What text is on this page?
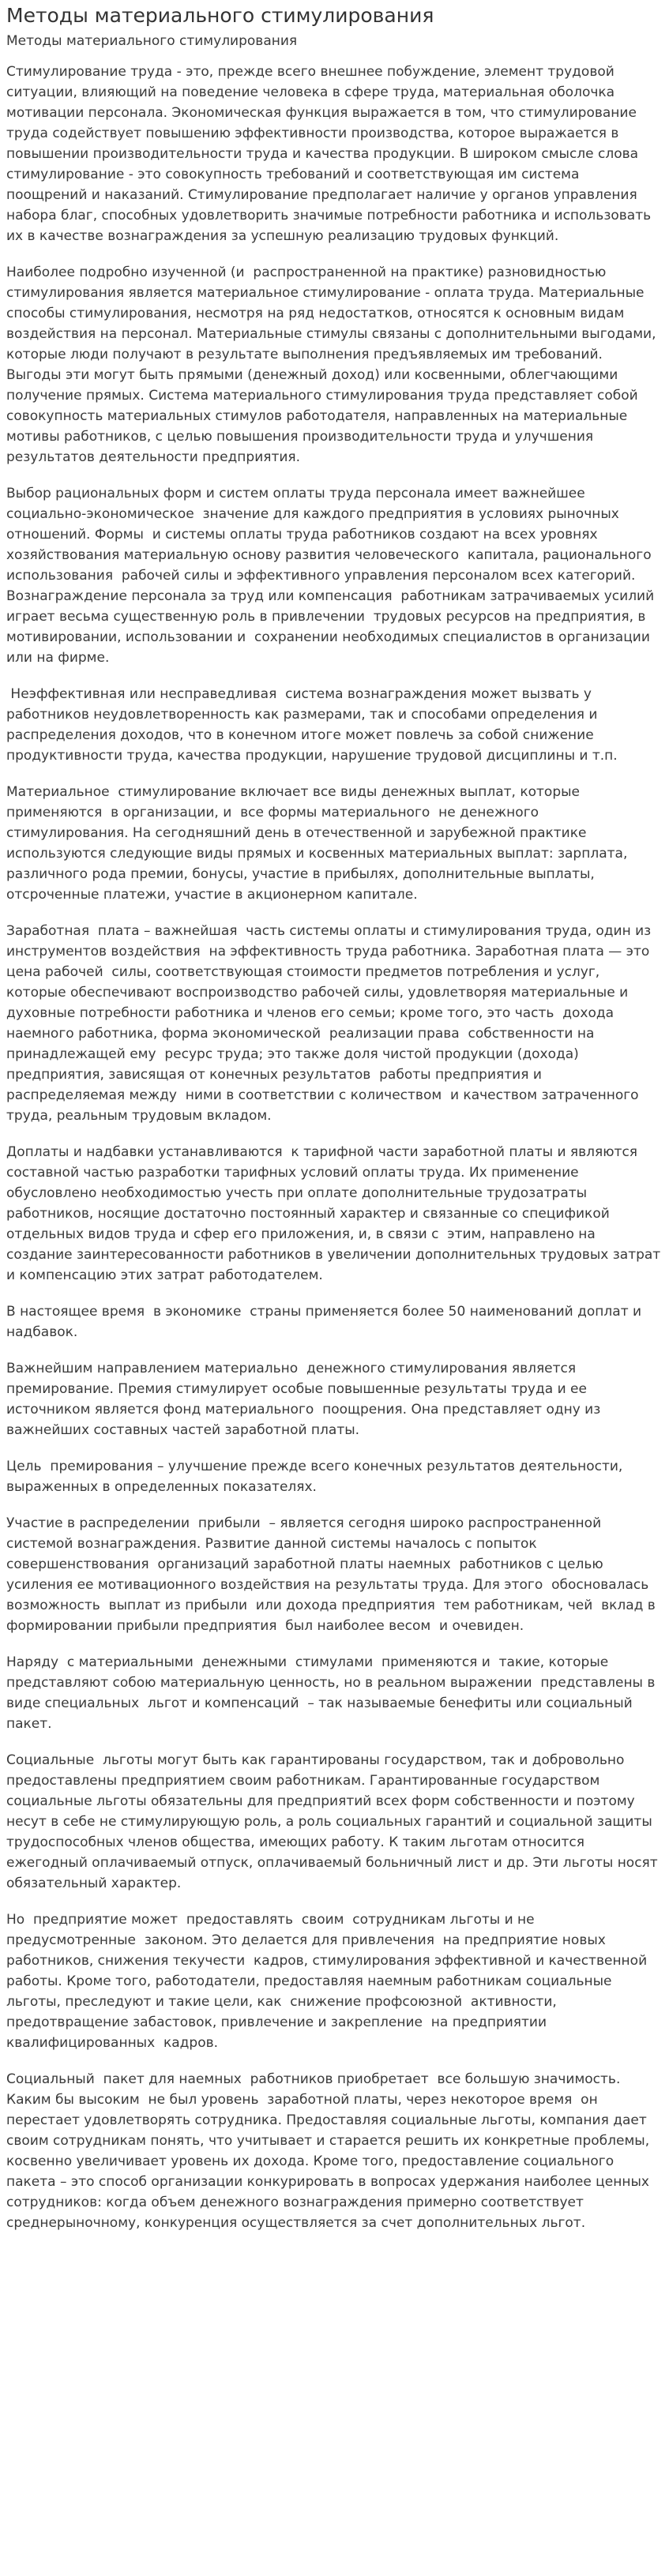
Методы материального стимулирования
Методы материального стимулирования

Стимулирование труда - это, прежде всего внешнее побуждение, элемент трудовой ситуации, влияющий на поведение человека в сфере труда, материальная оболочка мотивации персонала. Экономическая функция выражается в том, что стимулирование труда содействует повышению эффективности производства, которое выражается в повышении производительности труда и качества продукции. В широком смысле слова стимулирование - это совокупность требований и соответствующая им система поощрений и наказаний. Стимулирование предполагает наличие у органов управления набора благ, способных удовлетворить значимые потребности работника и использовать их в качестве вознаграждения за успешную реализацию трудовых функций.

Наиболее подробно изученной (и  распространенной на практике) разновидностью стимулирования является материальное стимулирование - оплата труда. Материальные способы стимулирования, несмотря на ряд недостатков, относятся к основным видам воздействия на персонал. Материальные стимулы связаны с дополнительными выгодами, которые люди получают в результате выполнения предъявляемых им требований. Выгоды эти могут быть прямыми (денежный доход) или косвенными, облегчающими получение прямых. Система материального стимулирования труда представляет собой совокупность материальных стимулов работодателя, направленных на материальные мотивы работников, с целью повышения производительности труда и улучшения результатов деятельности предприятия.

Выбор рациональных форм и систем оплаты труда персонала имеет важнейшее социально-экономическое  значение для каждого предприятия в условиях рыночных отношений. Формы  и системы оплаты труда работников создают на всех уровнях хозяйствования материальную основу развития человеческого  капитала, рационального использования  рабочей силы и эффективного управления персоналом всех категорий. Вознаграждение персонала за труд или компенсация  работникам затрачиваемых усилий играет весьма существенную роль в привлечении  трудовых ресурсов на предприятия, в  мотивировании, использовании и  сохранении необходимых специалистов в организации или на фирме.

Неэффективная или несправедливая  система вознаграждения может вызвать у работников неудовлетворенность как размерами, так и способами определения и распределения доходов, что в конечном итоге может повлечь за собой снижение продуктивности труда, качества продукции, нарушение трудовой дисциплины и т.п.

Материальное  стимулирование включает все виды денежных выплат, которые применяются  в организации, и  все формы материального  не денежного стимулирования. На сегодняшний день в отечественной и зарубежной практике используются следующие виды прямых и косвенных материальных выплат: зарплата, различного рода премии, бонусы, участие в прибылях, дополнительные выплаты, отсроченные платежи, участие в акционерном капитале.

Заработная  плата – важнейшая  часть системы оплаты и стимулирования труда, один из инструментов воздействия  на эффективность труда работника. Заработная плата — это цена рабочей  силы, соответствующая стоимости предметов потребления и услуг, которые обеспечивают воспроизводство рабочей силы, удовлетворяя материальные и духовные потребности работника и членов его семьи; кроме того, это часть  дохода наемного работника, форма экономической  реализации права  собственности на принадлежащей ему  ресурс труда; это также доля чистой продукции (дохода) предприятия, зависящая от конечных результатов  работы предприятия и  распределяемая между  ними в соответствии с количеством  и качеством затраченного труда, реальным трудовым вкладом.

Доплаты и надбавки устанавливаются  к тарифной части заработной платы и являются составной частью разработки тарифных условий оплаты труда. Их применение обусловлено необходимостью учесть при оплате дополнительные трудозатраты работников, носящие достаточно постоянный характер и связанные со спецификой отдельных видов труда и сфер его приложения, и, в связи с  этим, направлено на создание заинтересованности работников в увеличении дополнительных трудовых затрат и компенсацию этих затрат работодателем.

В настоящее время  в экономике  страны применяется более 50 наименований доплат и надбавок.

Важнейшим направлением материально  денежного стимулирования является премирование. Премия стимулирует особые повышенные результаты труда и ее источником является фонд материального  поощрения. Она представляет одну из важнейших составных частей заработной платы.

Цель  премирования – улучшение прежде всего конечных результатов деятельности, выраженных в определенных показателях.

Участие в распределении  прибыли  – является сегодня широко распространенной системой вознаграждения. Развитие данной системы началось с попыток  совершенствования  организаций заработной платы наемных  работников с целью  усиления ее мотивационного воздействия на результаты труда. Для этого  обосновалась возможность  выплат из прибыли  или дохода предприятия  тем работникам, чей  вклад в формировании прибыли предприятия  был наиболее весом  и очевиден.

Наряду  с материальными  денежными  стимулами  применяются и  такие, которые представляют собою материальную ценность, но в реальном выражении  представлены в виде специальных  льгот и компенсаций  – так называемые бенефиты или социальный пакет.

Социальные  льготы могут быть как гарантированы государством, так и добровольно предоставлены предприятием своим работникам. Гарантированные государством социальные льготы обязательны для предприятий всех форм собственности и поэтому несут в себе не стимулирующую роль, а роль социальных гарантий и социальной защиты трудоспособных членов общества, имеющих работу. К таким льготам относится ежегодный оплачиваемый отпуск, оплачиваемый больничный лист и др. Эти льготы носят обязательный характер.

Но  предприятие может  предоставлять  своим  сотрудникам льготы и не предусмотренные  законом. Это делается для привлечения  на предприятие новых  работников, снижения текучести  кадров, стимулирования эффективной и качественной работы. Кроме того, работодатели, предоставляя наемным работникам социальные льготы, преследуют и такие цели, как  снижение профсоюзной  активности, предотвращение забастовок, привлечение и закрепление  на предприятии квалифицированных  кадров.

Социальный  пакет для наемных  работников приобретает  все большую значимость. Каким бы высоким  не был уровень  заработной платы, через некоторое время  он перестает удовлетворять сотрудника. Предоставляя социальные льготы, компания дает своим сотрудникам понять, что учитывает и старается решить их конкретные проблемы, косвенно увеличивает уровень их дохода. Кроме того, предоставление социального пакета – это способ организации конкурировать в вопросах удержания наиболее ценных сотрудников: когда объем денежного вознаграждения примерно соответствует среднерыночному, конкуренция осуществляется за счет дополнительных льгот.
